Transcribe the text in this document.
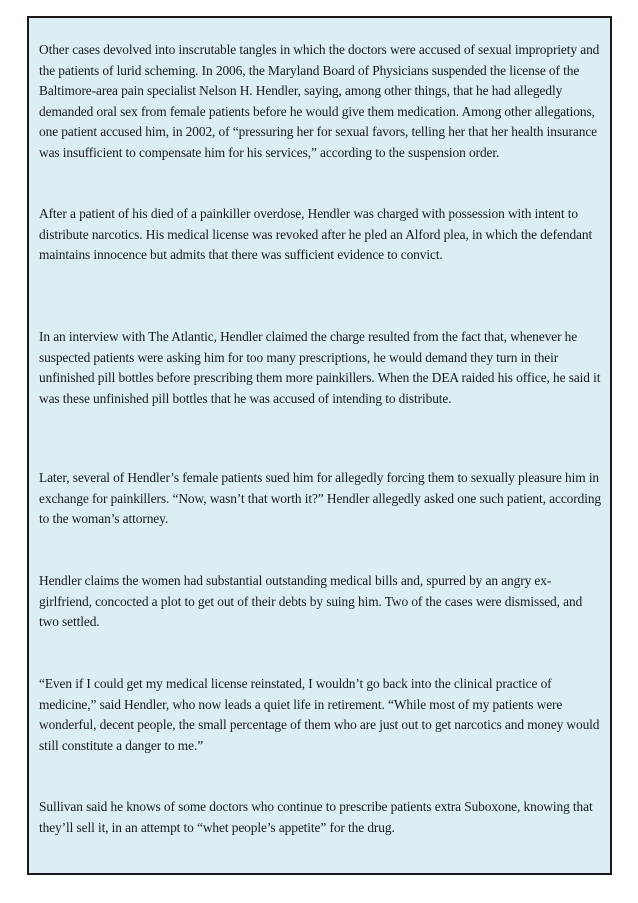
Other cases devolved into inscrutable tangles in which the doctors were accused of sexual impropriety and the patients of lurid scheming. In 2006, the Maryland Board of Physicians suspended the license of the Baltimore-area pain specialist Nelson H. Hendler, saying, among other things, that he had allegedly demanded oral sex from female patients before he would give them medication. Among other allegations, one patient accused him, in 2002, of “pressuring her for sexual favors, telling her that her health insurance was insufficient to compensate him for his services,” according to the suspension order.

After a patient of his died of a painkiller overdose, Hendler was charged with possession with intent to distribute narcotics. His medical license was revoked after he pled an Alford plea, in which the defendant maintains innocence but admits that there was sufficient evidence to convict.

In an interview with The Atlantic, Hendler claimed the charge resulted from the fact that, whenever he suspected patients were asking him for too many prescriptions, he would demand they turn in their unfinished pill bottles before prescribing them more painkillers. When the DEA raided his office, he said it was these unfinished pill bottles that he was accused of intending to distribute.

Later, several of Hendler’s female patients sued him for allegedly forcing them to sexually pleasure him in exchange for painkillers. “Now, wasn’t that worth it?” Hendler allegedly asked one such patient, according to the woman’s attorney.

Hendler claims the women had substantial outstanding medical bills and, spurred by an angry ex-girlfriend, concocted a plot to get out of their debts by suing him. Two of the cases were dismissed, and two settled.

“Even if I could get my medical license reinstated, I wouldn’t go back into the clinical practice of medicine,” said Hendler, who now leads a quiet life in retirement. “While most of my patients were wonderful, decent people, the small percentage of them who are just out to get narcotics and money would still constitute a danger to me.”

Sullivan said he knows of some doctors who continue to prescribe patients extra Suboxone, knowing that they’ll sell it, in an attempt to “whet people’s appetite” for the drug.
